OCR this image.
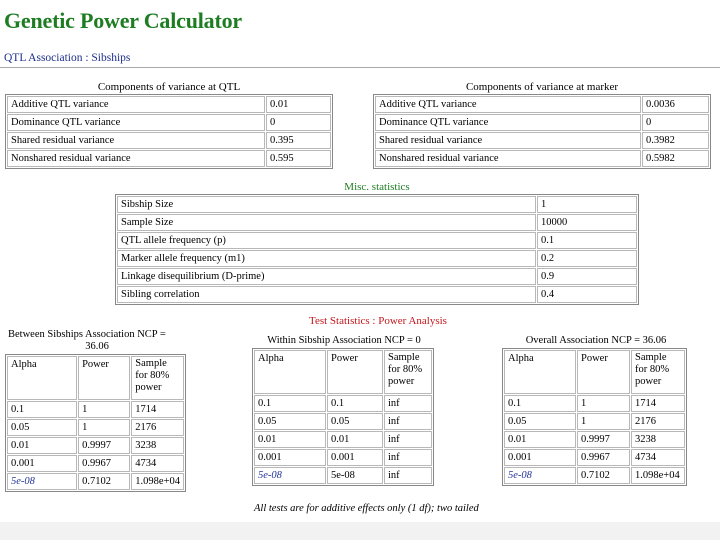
Genetic Power Calculator
QTL Association : Sibships
Components of variance at QTL
Additive QTL variance	0.01
Dominance QTL variance	0
Shared residual variance	0.395
Nonshared residual variance	0.595
Components of variance at marker
Additive QTL variance	0.0036
Dominance QTL variance	0
Shared residual variance	0.3982
Nonshared residual variance	0.5982
Misc. statistics
Sibship Size	1
Sample Size	10000
QTL allele frequency (p)	0.1
Marker allele frequency (m1)	0.2
Linkage disequilibrium (D-prime)	0.9
Sibling correlation	0.4
Test Statistics : Power Analysis
Between Sibships Association NCP =
36.06
Alpha	Power	Sample for 80% power
0.1	1	1714
0.05	1	2176
0.01	0.9997	3238
0.001	0.9967	4734
5e-08	0.7102	1.098e+04
Within Sibship Association NCP = 0
Alpha	Power	Sample for 80% power
0.1	0.1	inf
0.05	0.05	inf
0.01	0.01	inf
0.001	0.001	inf
5e-08	5e-08	inf
Overall Association NCP = 36.06
Alpha	Power	Sample for 80% power
0.1	1	1714
0.05	1	2176
0.01	0.9997	3238
0.001	0.9967	4734
5e-08	0.7102	1.098e+04
All tests are for additive effects only (1 df); two tailed
